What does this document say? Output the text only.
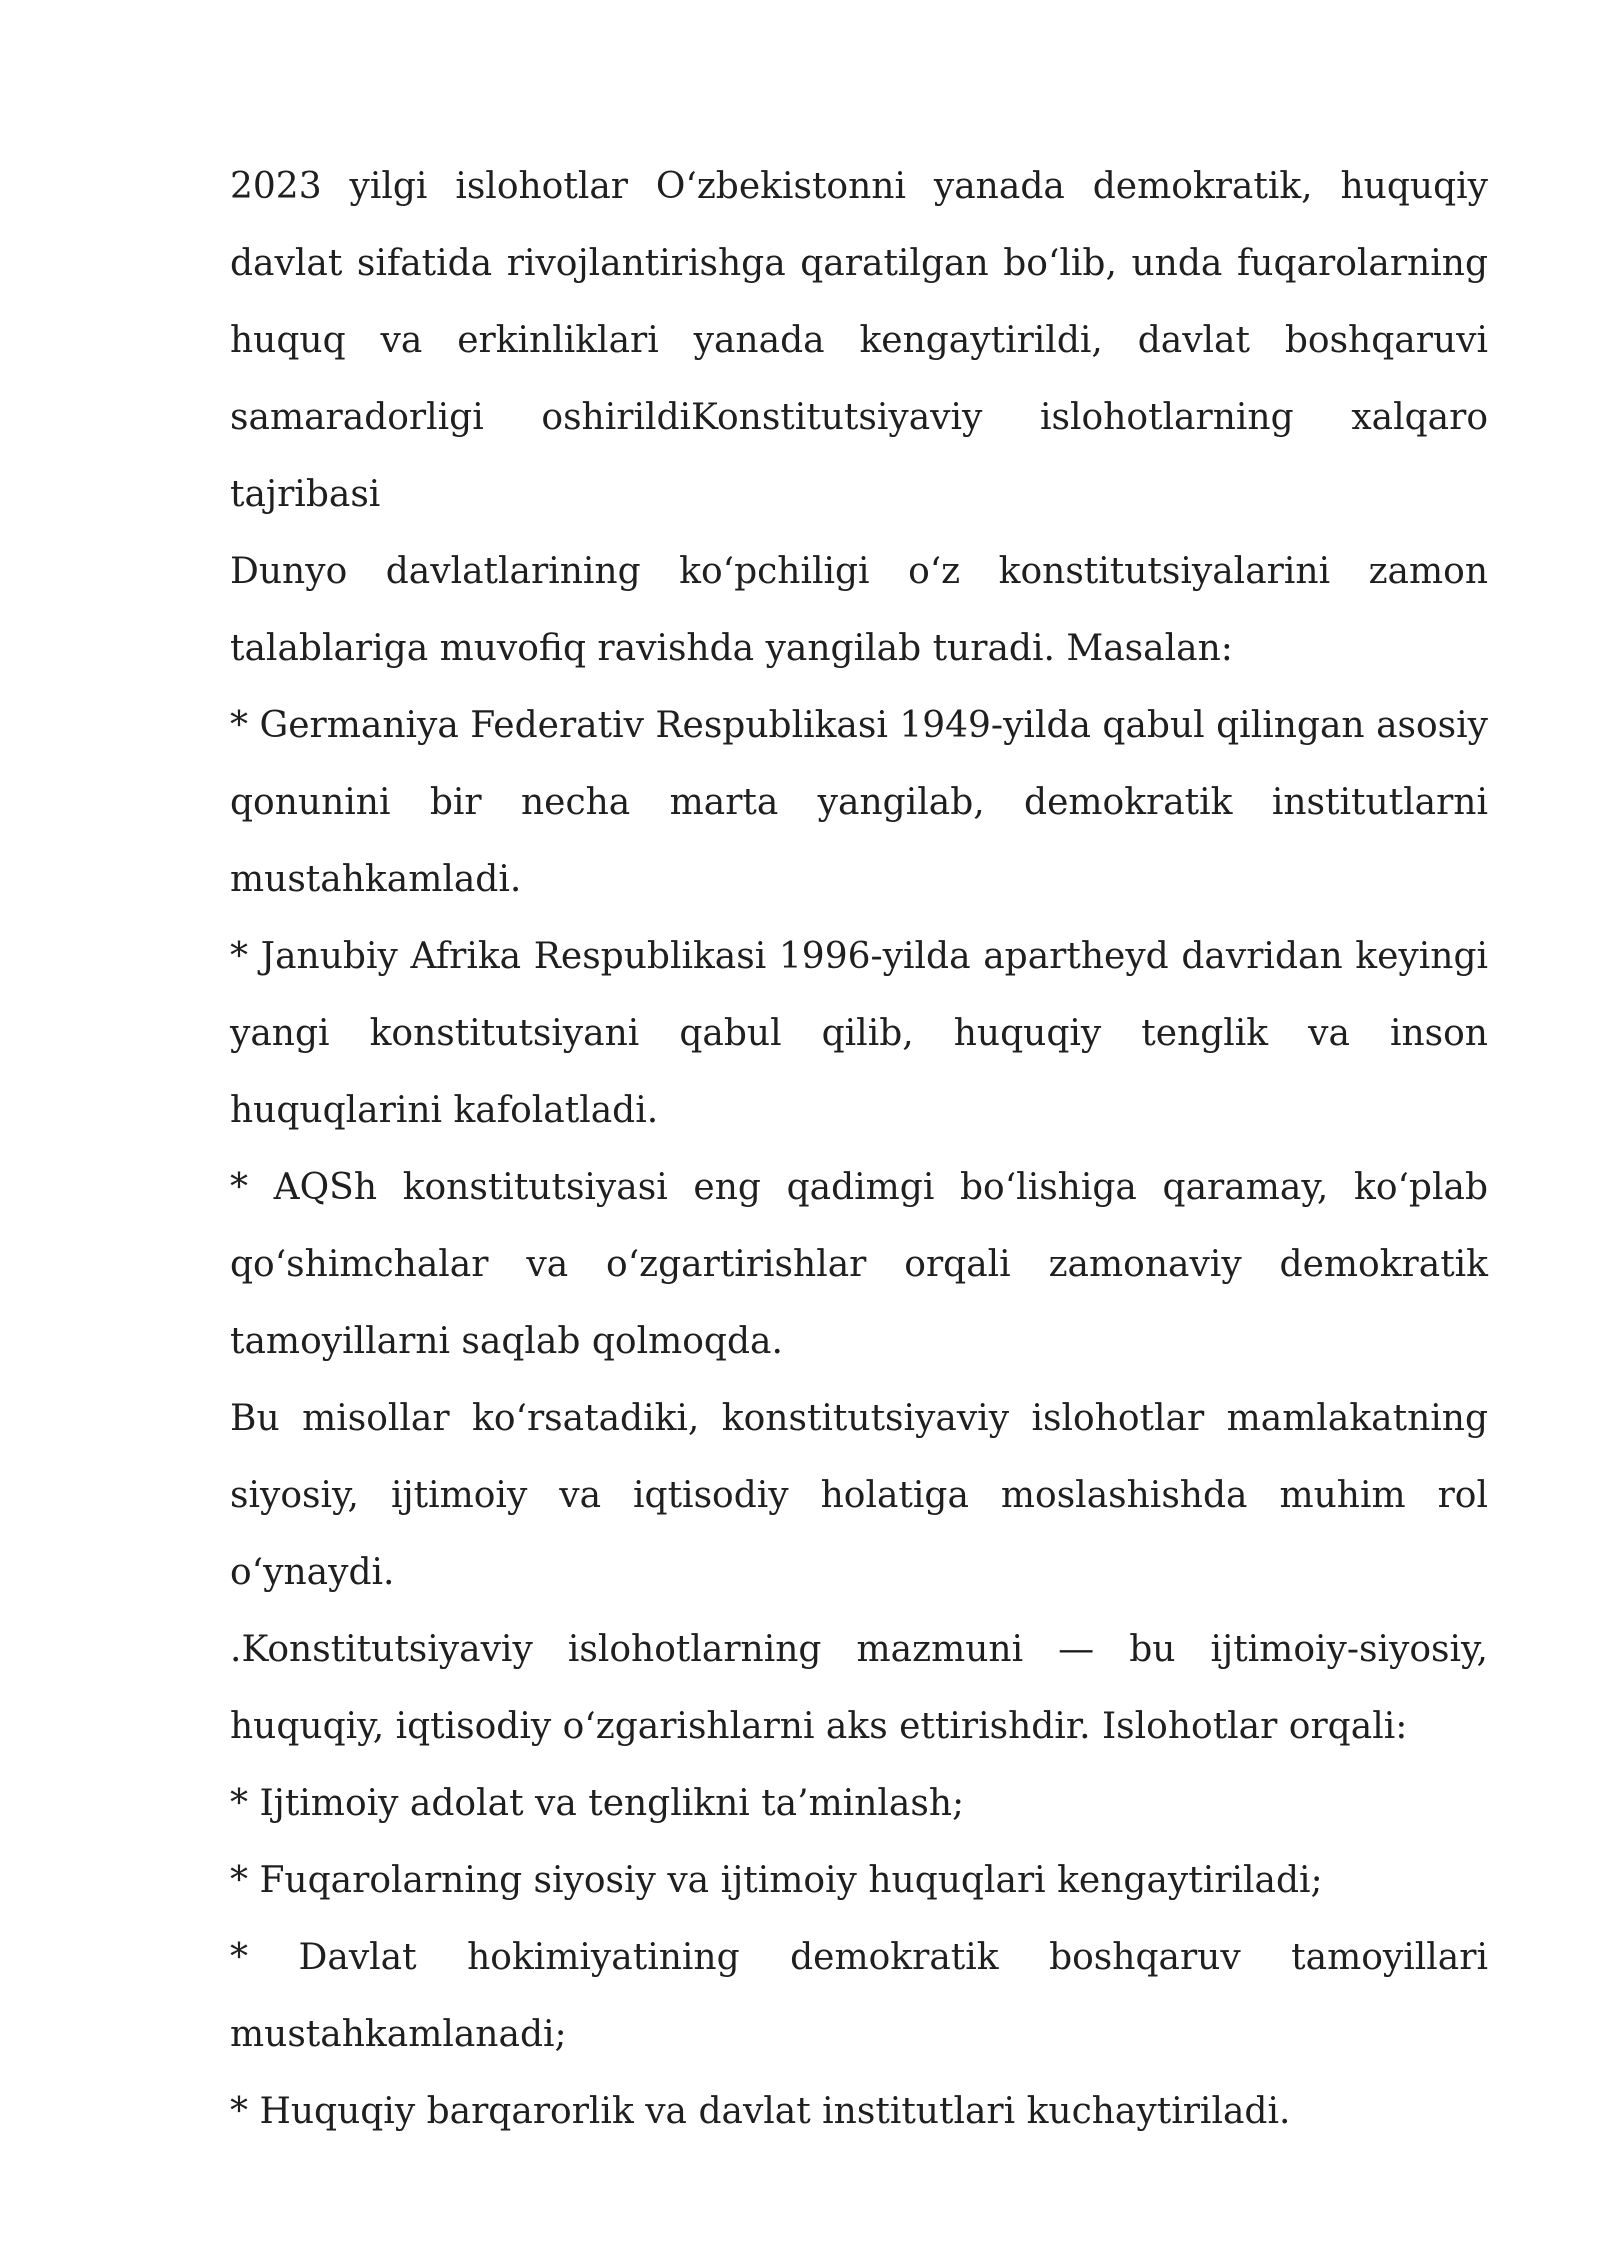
2023 yilgi islohotlar O‘zbekistonni yanada demokratik, huquqiy davlat sifatida rivojlantirishga qaratilgan bo‘lib, unda fuqarolarning huquq va erkinliklari yanada kengaytirildi, davlat boshqaruvi samaradorligi oshirildiKonstitutsiyaviy islohotlarning xalqaro tajribasi

Dunyo davlatlarining ko‘pchiligi o‘z konstitutsiyalarini zamon talablariga muvofiq ravishda yangilab turadi. Masalan:

* Germaniya Federativ Respublikasi 1949-yilda qabul qilingan asosiy qonunini bir necha marta yangilab, demokratik institutlarni mustahkamladi.

* Janubiy Afrika Respublikasi 1996-yilda apartheyd davridan keyingi yangi konstitutsiyani qabul qilib, huquqiy tenglik va inson huquqlarini kafolatladi.

* AQSh konstitutsiyasi eng qadimgi bo‘lishiga qaramay, ko‘plab qo‘shimchalar va o‘zgartirishlar orqali zamonaviy demokratik tamoyillarni saqlab qolmoqda.

Bu misollar ko‘rsatadiki, konstitutsiyaviy islohotlar mamlakatning siyosiy, ijtimoiy va iqtisodiy holatiga moslashishda muhim rol o‘ynaydi.

.Konstitutsiyaviy islohotlarning mazmuni — bu ijtimoiy-siyosiy, huquqiy, iqtisodiy o‘zgarishlarni aks ettirishdir. Islohotlar orqali:

* Ijtimoiy adolat va tenglikni ta’minlash;

* Fuqarolarning siyosiy va ijtimoiy huquqlari kengaytiriladi;

* Davlat hokimiyatining demokratik boshqaruv tamoyillari mustahkamlanadi;

* Huquqiy barqarorlik va davlat institutlari kuchaytiriladi.
